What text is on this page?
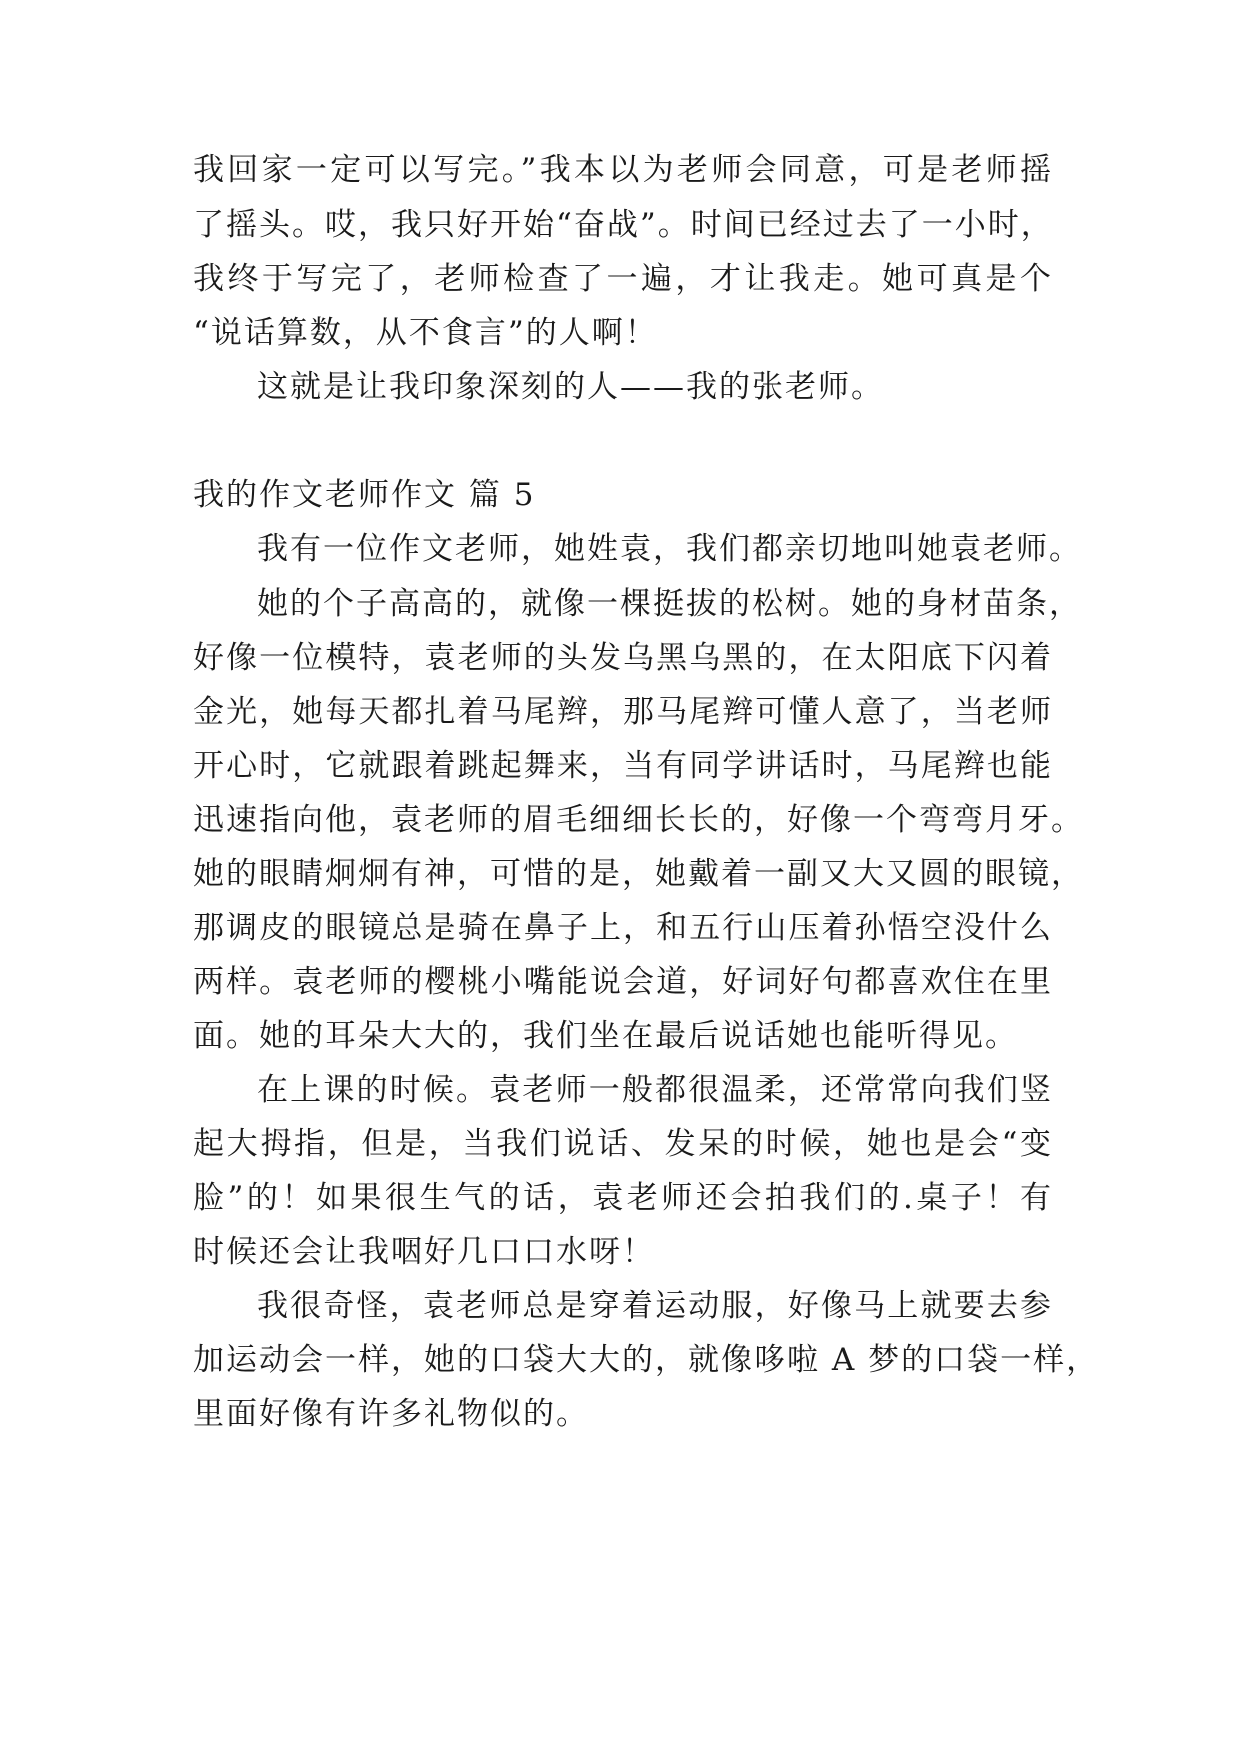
我回家一定可以写完。”我本以为老师会同意，可是老师摇
了摇头。哎，我只好开始“奋战”。时间已经过去了一小时，
我终于写完了，老师检查了一遍，才让我走。她可真是个
“说话算数，从不食言”的人啊！
这就是让我印象深刻的人——我的张老师。
我的作文老师作文 篇 5
我有一位作文老师，她姓袁，我们都亲切地叫她袁老师。
她的个子高高的，就像一棵挺拔的松树。她的身材苗条，
好像一位模特，袁老师的头发乌黑乌黑的，在太阳底下闪着
金光，她每天都扎着马尾辫，那马尾辫可懂人意了，当老师
开心时，它就跟着跳起舞来，当有同学讲话时，马尾辫也能
迅速指向他，袁老师的眉毛细细长长的，好像一个弯弯月牙。
她的眼睛炯炯有神，可惜的是，她戴着一副又大又圆的眼镜，
那调皮的眼镜总是骑在鼻子上，和五行山压着孙悟空没什么
两样。袁老师的樱桃小嘴能说会道，好词好句都喜欢住在里
面。她的耳朵大大的，我们坐在最后说话她也能听得见。
在上课的时候。袁老师一般都很温柔，还常常向我们竖
起大拇指，但是，当我们说话、发呆的时候，她也是会“变
脸”的！如果很生气的话，袁老师还会拍我们的.桌子！有
时候还会让我咽好几口口水呀！
我很奇怪，袁老师总是穿着运动服，好像马上就要去参
加运动会一样，她的口袋大大的，就像哆啦 A 梦的口袋一样，
里面好像有许多礼物似的。
